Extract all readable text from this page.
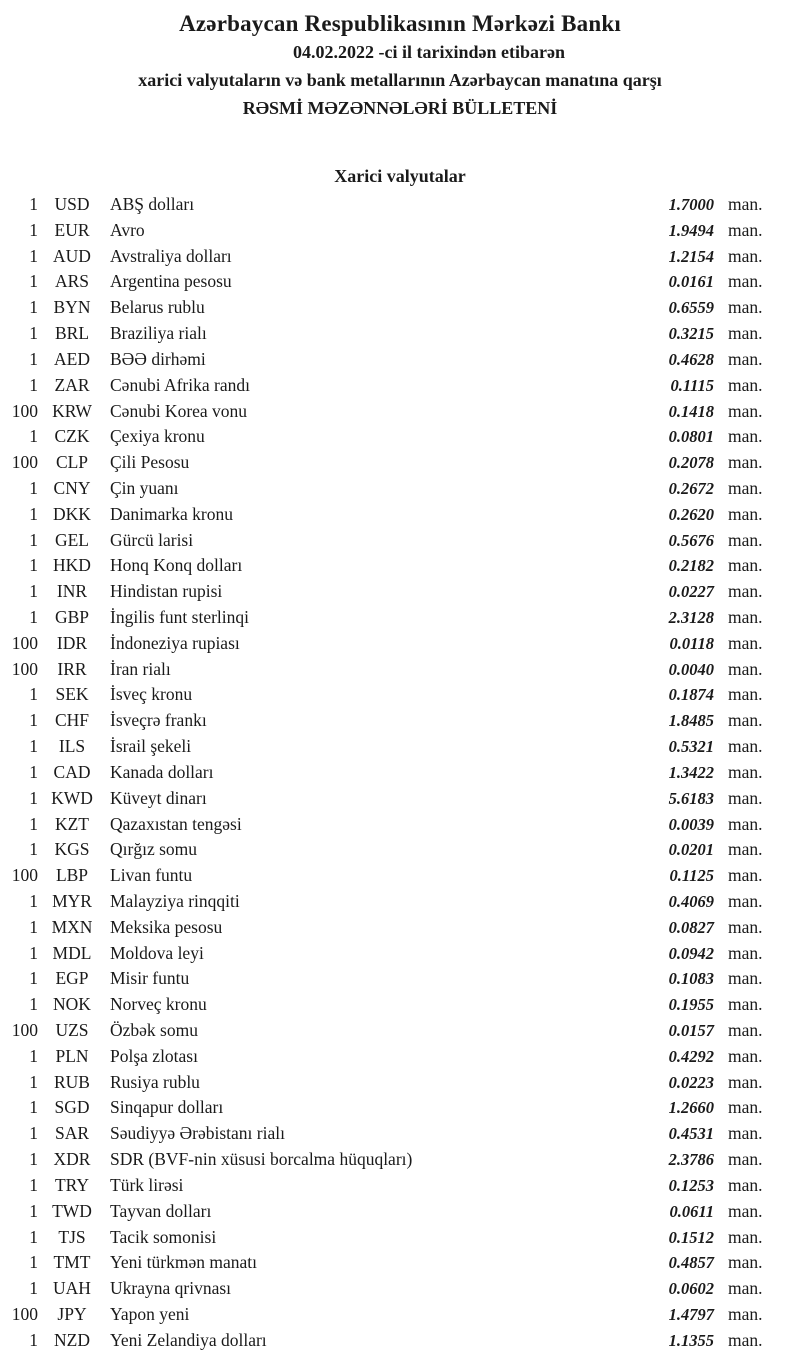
Azərbaycan Respublikasının Mərkəzi Bankı
04.02.2022 -ci il tarixindən etibarən
xarici valyutaların və bank metallarının Azərbaycan manatına qarşı
RƏSMİ MƏZƏNNƏLƏRİ BÜLLETENİ
Xarici valyutalar
1 USD	ABŞ dolları	1.7000 man.
1 EUR	Avro	1.9494 man.
1 AUD	Avstraliya dolları	1.2154 man.
1 ARS	Argentina pesosu	0.0161 man.
1 BYN	Belarus rublu	0.6559 man.
1 BRL	Braziliya rialı	0.3215 man.
1 AED	BƏƏ dirhəmi	0.4628 man.
1 ZAR	Cənubi Afrika randı	0.1115 man.
100 KRW	Cənubi Korea vonu	0.1418 man.
1 CZK	Çexiya kronu	0.0801 man.
100	CLP	Çili Pesosu	0.2078 man.
1 CNY	Çin yuanı	0.2672 man.
1 DKK	Danimarka kronu	0.2620 man.
1 GEL	Gürcü larisi	0.5676 man.
1 HKD	Honq Konq dolları	0.2182 man.
1	INR	Hindistan rupisi	0.0227 man.
1 GBP	İngilis funt sterlinqi	2.3128 man.
100	IDR	İndoneziya rupiası	0.0118 man.
100	IRR	İran rialı	0.0040 man.
1 SEK	İsveç kronu	0.1874 man.
1 CHF	İsveçrə frankı	1.8485 man.
1	ILS	İsrail şekeli	0.5321 man.
1 CAD	Kanada dolları	1.3422 man.
1 KWD Küveyt dinarı	5.6183 man.
1 KZT	Qazaxıstan tengəsi	0.0039 man.
1 KGS	Qırğız somu	0.0201 man.
100	LBP	Livan funtu	0.1125 man.
1 MYR	Malayziya rinqqiti	0.4069 man.
1 MXN	Meksika pesosu	0.0827 man.
1 MDL	Moldova leyi	0.0942 man.
1 EGP	Misir funtu	0.1083 man.
1 NOK	Norveç kronu	0.1955 man.
100 UZS	Özbək somu	0.0157 man.
1 PLN	Polşa zlotası	0.4292 man.
1 RUB	Rusiya rublu	0.0223 man.
1 SGD	Sinqapur dolları	1.2660 man.
1 SAR	Səudiyyə Ərəbistanı rialı	0.4531 man.
1 XDR	SDR (BVF-nin xüsusi borcalma hüquqları)	2.3786 man.
1 TRY	Türk lirəsi	0.1253 man.
1 TWD	Tayvan dolları	0.0611 man.
1	TJS	Tacik somonisi	0.1512 man.
1 TMT	Yeni türkmən manatı	0.4857 man.
1 UAH	Ukrayna qrivnası	0.0602 man.
100	JPY	Yapon yeni	1.4797 man.
1 NZD	Yeni Zelandiya dolları	1.1355 man.
